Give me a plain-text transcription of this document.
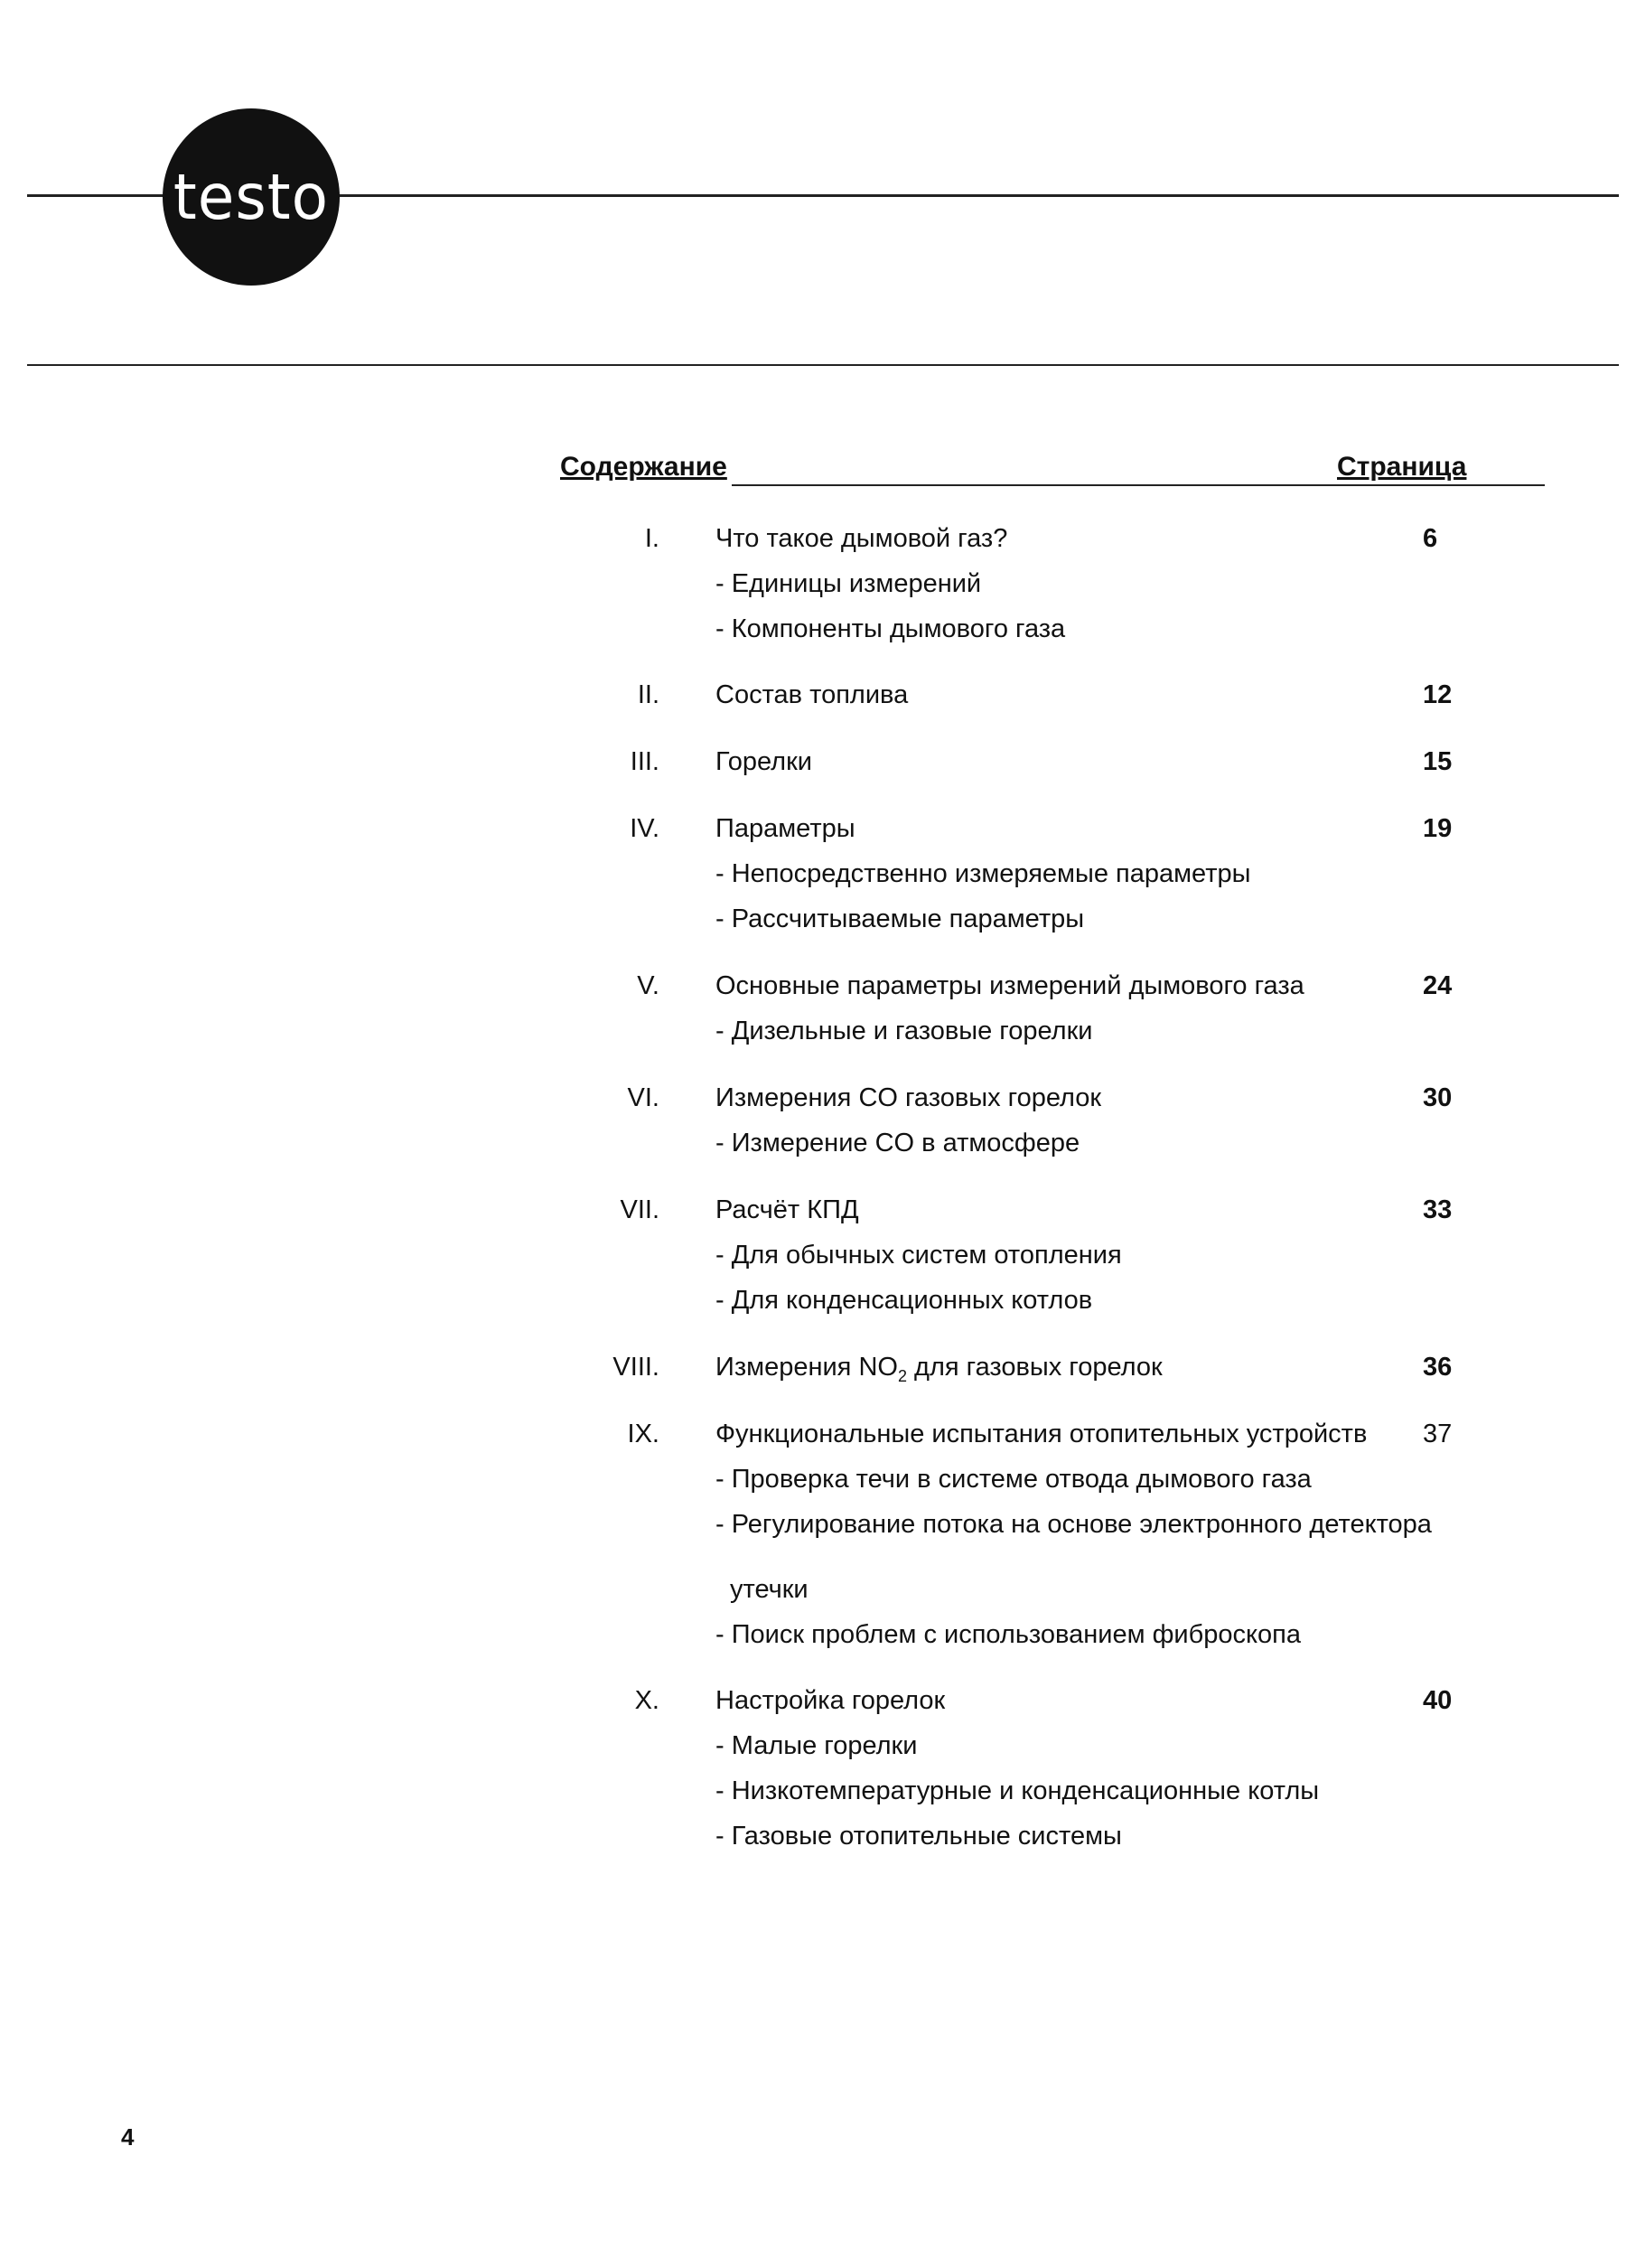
testo
Содержание	Страница
I. Что такое дымовой газ?	6
- Единицы измерений
- Компоненты дымового газа
II. Состав топлива	12
III. Горелки	15
IV. Параметры	19
- Непосредственно измеряемые параметры
- Рассчитываемые параметры
V. Основные параметры измерений дымового газа	24
- Дизельные и газовые горелки
VI. Измерения CO газовых горелок	30
- Измерение CO в атмосфере
VII. Расчёт КПД	33
- Для обычных систем отопления
- Для конденсационных котлов
VIII. Измерения $NO_2$ для газовых горелок	36
IX. Функциональные испытания отопительных устройств 37
- Проверка течи в системе отвода дымового газа
- Регулирование потока на основе электронного детектора
утечки
- Поиск проблем с использованием фиброскопа
X. Настройка горелок	40
- Малые горелки
- Низкотемпературные и конденсационные котлы
- Газовые отопительные системы
4
